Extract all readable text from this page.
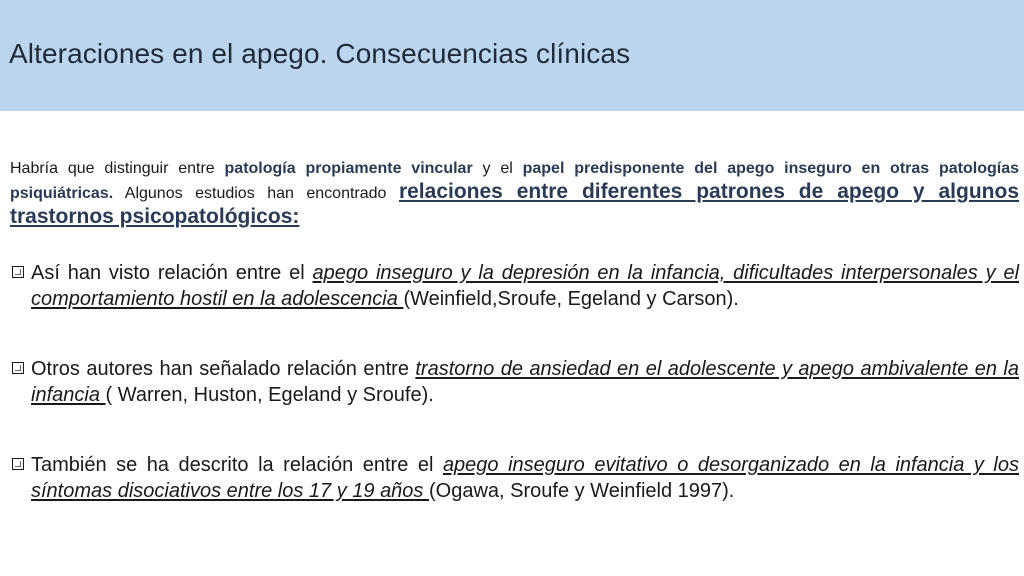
Alteraciones en el apego. Consecuencias clínicas

Habría que distinguir entre patología propiamente vincular y el papel predisponente del apego inseguro en otras patologías psiquiátricas. Algunos estudios han encontrado relaciones entre diferentes patrones de apego y algunos trastornos psicopatológicos:

Así han visto relación entre el apego inseguro y la depresión en la infancia, dificultades interpersonales y el comportamiento hostil en la adolescencia (Weinfield,Sroufe, Egeland y Carson).

Otros autores han señalado relación entre trastorno de ansiedad en el adolescente y apego ambivalente en la infancia ( Warren, Huston, Egeland y Sroufe).

También se ha descrito la relación entre el apego inseguro evitativo o desorganizado en la infancia y los síntomas disociativos entre los 17 y 19 años (Ogawa, Sroufe y Weinfield 1997).
